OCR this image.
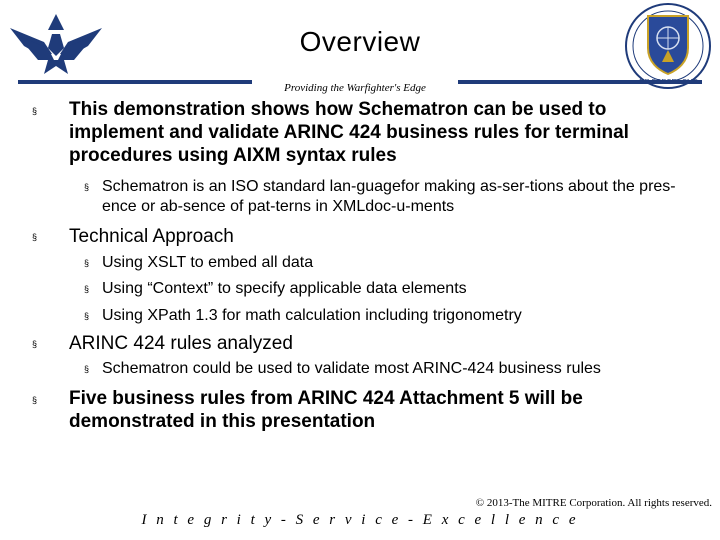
Overview
Providing the Warfighter's Edge
§ This demonstration shows how Schematron can be used to implement and validate ARINC 424 business rules for terminal procedures using AIXM syntax rules
§ Schematron is an ISO standard lan-guagefor making as-ser-tions about the pres-ence or ab-sence of pat-terns in XMLdoc-u-ments
§ Technical Approach
§ Using XSLT to embed all data
§ Using “Context” to specify applicable data elements
§ Using XPath 1.3 for math calculation including trigonometry
§ ARINC 424 rules analyzed
§ Schematron could be used to validate most ARINC-424 business rules
§ Five business rules from ARINC 424 Attachment 5 will be demonstrated in this presentation
© 2013-The MITRE Corporation. All rights reserved.
I n t e g r i t y - S e r v i c e - E x c e l l e n c e
